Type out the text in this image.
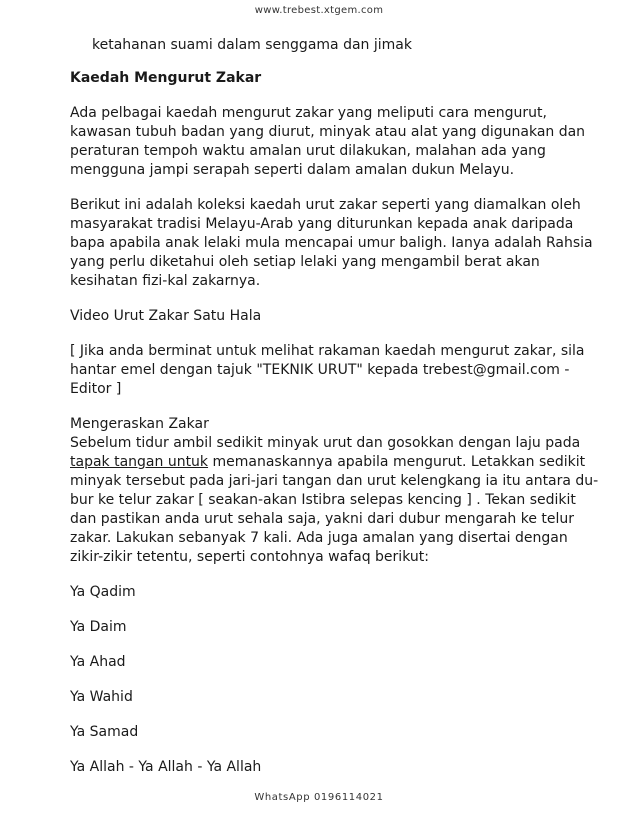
www.trebest.xtgem.com

ketahanan suami dalam senggama dan jimak

Kaedah Mengurut Zakar

Ada pelbagai kaedah mengurut zakar yang meliputi cara mengurut, kawasan tubuh badan yang diurut, minyak atau alat yang digunakan dan peraturan tempoh waktu amalan urut dilakukan, malahan ada yang mengguna jampi serapah seperti dalam amalan dukun Melayu.

Berikut ini adalah koleksi kaedah urut zakar seperti yang diamalkan oleh masyarakat tradisi Melayu-Arab yang diturunkan kepada anak daripada bapa apabila anak lelaki mula mencapai umur baligh. Ianya adalah Rahsia yang perlu diketahui oleh setiap lelaki yang mengambil berat akan kesihatan fizi-kal zakarnya.

Video Urut Zakar Satu Hala

[ Jika anda berminat untuk melihat rakaman kaedah mengurut zakar, sila hantar emel dengan tajuk "TEKNIK URUT" kepada trebest@gmail.com - Editor ]

Mengeraskan Zakar

Sebelum tidur ambil sedikit minyak urut dan gosokkan dengan laju pada tapak tangan untuk memanaskannya apabila mengurut. Letakkan sedikit minyak tersebut pada jari-jari tangan dan urut kelengkang ia itu antara du-bur ke telur zakar [ seakan-akan Istibra selepas kencing ] . Tekan sedikit dan pastikan anda urut sehala saja, yakni dari dubur mengarah ke telur zakar. Lakukan sebanyak 7 kali. Ada juga amalan yang disertai dengan zikir-zikir tetentu, seperti contohnya wafaq berikut:

Ya Qadim

Ya Daim

Ya Ahad

Ya Wahid

Ya Samad

Ya Allah - Ya Allah - Ya Allah

WhatsApp 0196114021
